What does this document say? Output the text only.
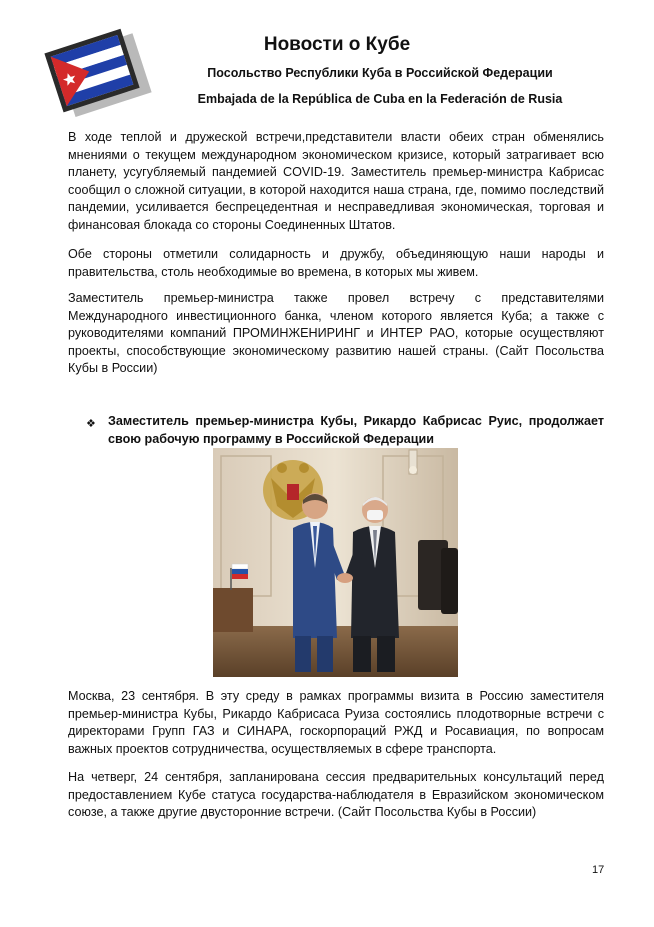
Новости о Кубе
Посольство Республики Куба в Российской Федерации
Embajada de la República de Cuba en la Federación de Rusia

В ходе теплой и дружеской встречи,представители власти обеих стран обменялись мнениями о текущем международном экономическом кризисе, который затрагивает всю планету, усугубляемый пандемией COVID-19. Заместитель премьер-министра Кабрисас сообщил о сложной ситуации, в которой находится наша страна, где, помимо последствий пандемии, усиливается беспрецедентная и несправедливая экономическая, торговая и финансовая блокада со стороны Соединенных Штатов.

Обе стороны отметили солидарность и дружбу, объединяющую наши народы и правительства, столь необходимые во времена, в которых мы живем.

Заместитель премьер-министра также провел встречу с представителями Международного инвестиционного банка, членом которого является Куба; а также с руководителями компаний ПРОМИНЖЕНИРИНГ и ИНТЕР РАО, которые осуществляют проекты, способствующие экономическому развитию нашей страны. (Сайт Посольства Кубы в России)

❖ Заместитель премьер-министра Кубы, Рикардо Кабрисас Руис, продолжает свою рабочую программу в Российской Федерации

Москва, 23 сентября. В эту среду в рамках программы визита в Россию заместителя премьер-министра Кубы, Рикардо Кабрисаса Руиза состоялись плодотворные встречи с директорами Групп ГАЗ и СИНАРА, госкорпораций РЖД и Росавиация, по вопросам важных проектов сотрудничества, осуществляемых в сфере транспорта.

На четверг, 24 сентября, запланирована сессия предварительных консультаций перед предоставлением Кубе статуса государства-наблюдателя в Евразийском экономическом союзе, а также другие двусторонние встречи. (Сайт Посольства Кубы в России)

17
